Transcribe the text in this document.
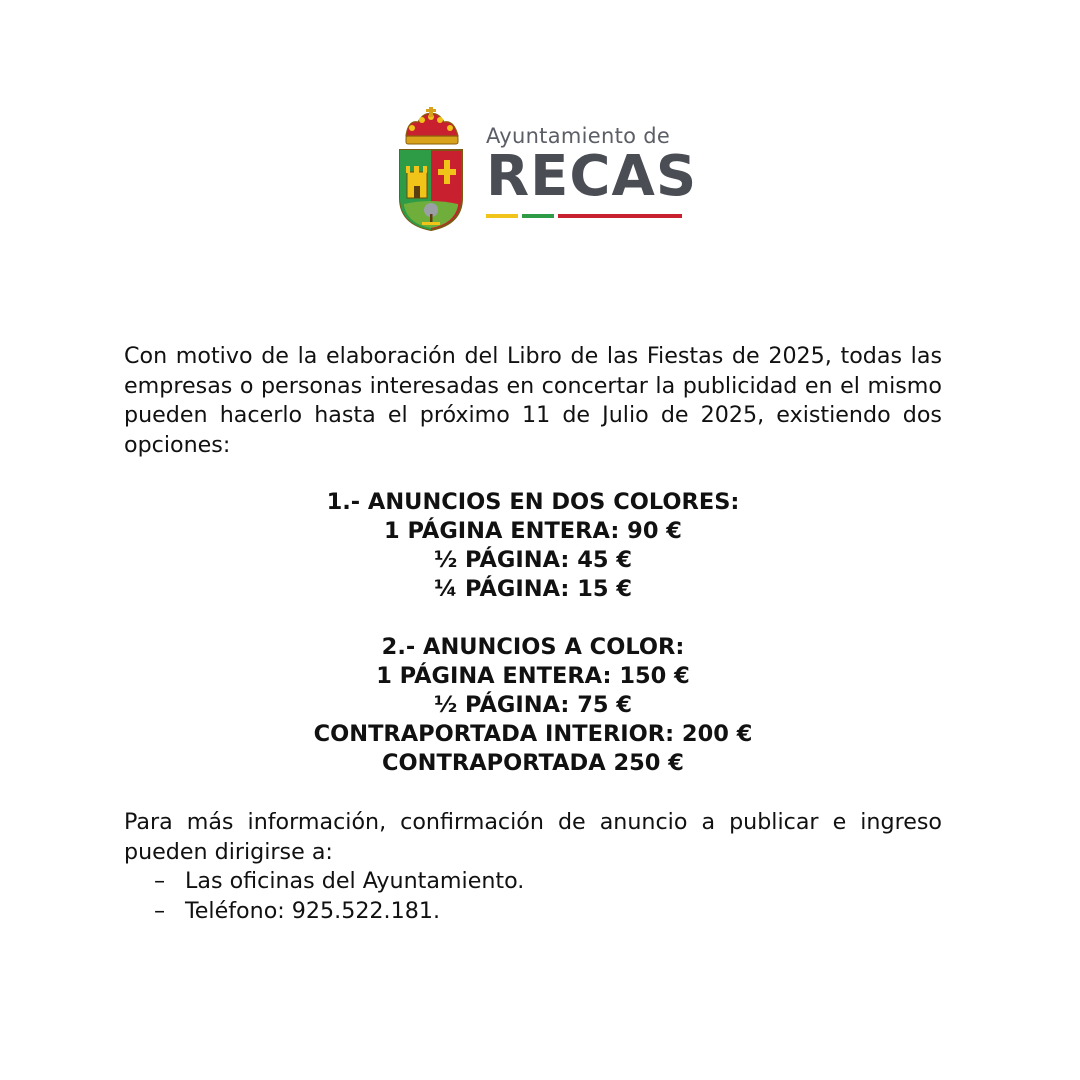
Ayuntamiento de
RECAS
Con motivo de la elaboración del Libro de las Fiestas de 2025, todas las empresas o personas interesadas en concertar la publicidad en el mismo pueden hacerlo hasta el próximo 11 de Julio de 2025, existiendo dos opciones:
1.- ANUNCIOS EN DOS COLORES:
1 PÁGINA ENTERA: 90 €
½ PÁGINA: 45 €
¼ PÁGINA: 15 €
2.- ANUNCIOS A COLOR:
1 PÁGINA ENTERA: 150 €
½ PÁGINA: 75 €
CONTRAPORTADA INTERIOR: 200 €
CONTRAPORTADA 250 €
Para más información, confirmación de anuncio a publicar e ingreso pueden dirigirse a:
– Las oficinas del Ayuntamiento.
– Teléfono: 925.522.181.
